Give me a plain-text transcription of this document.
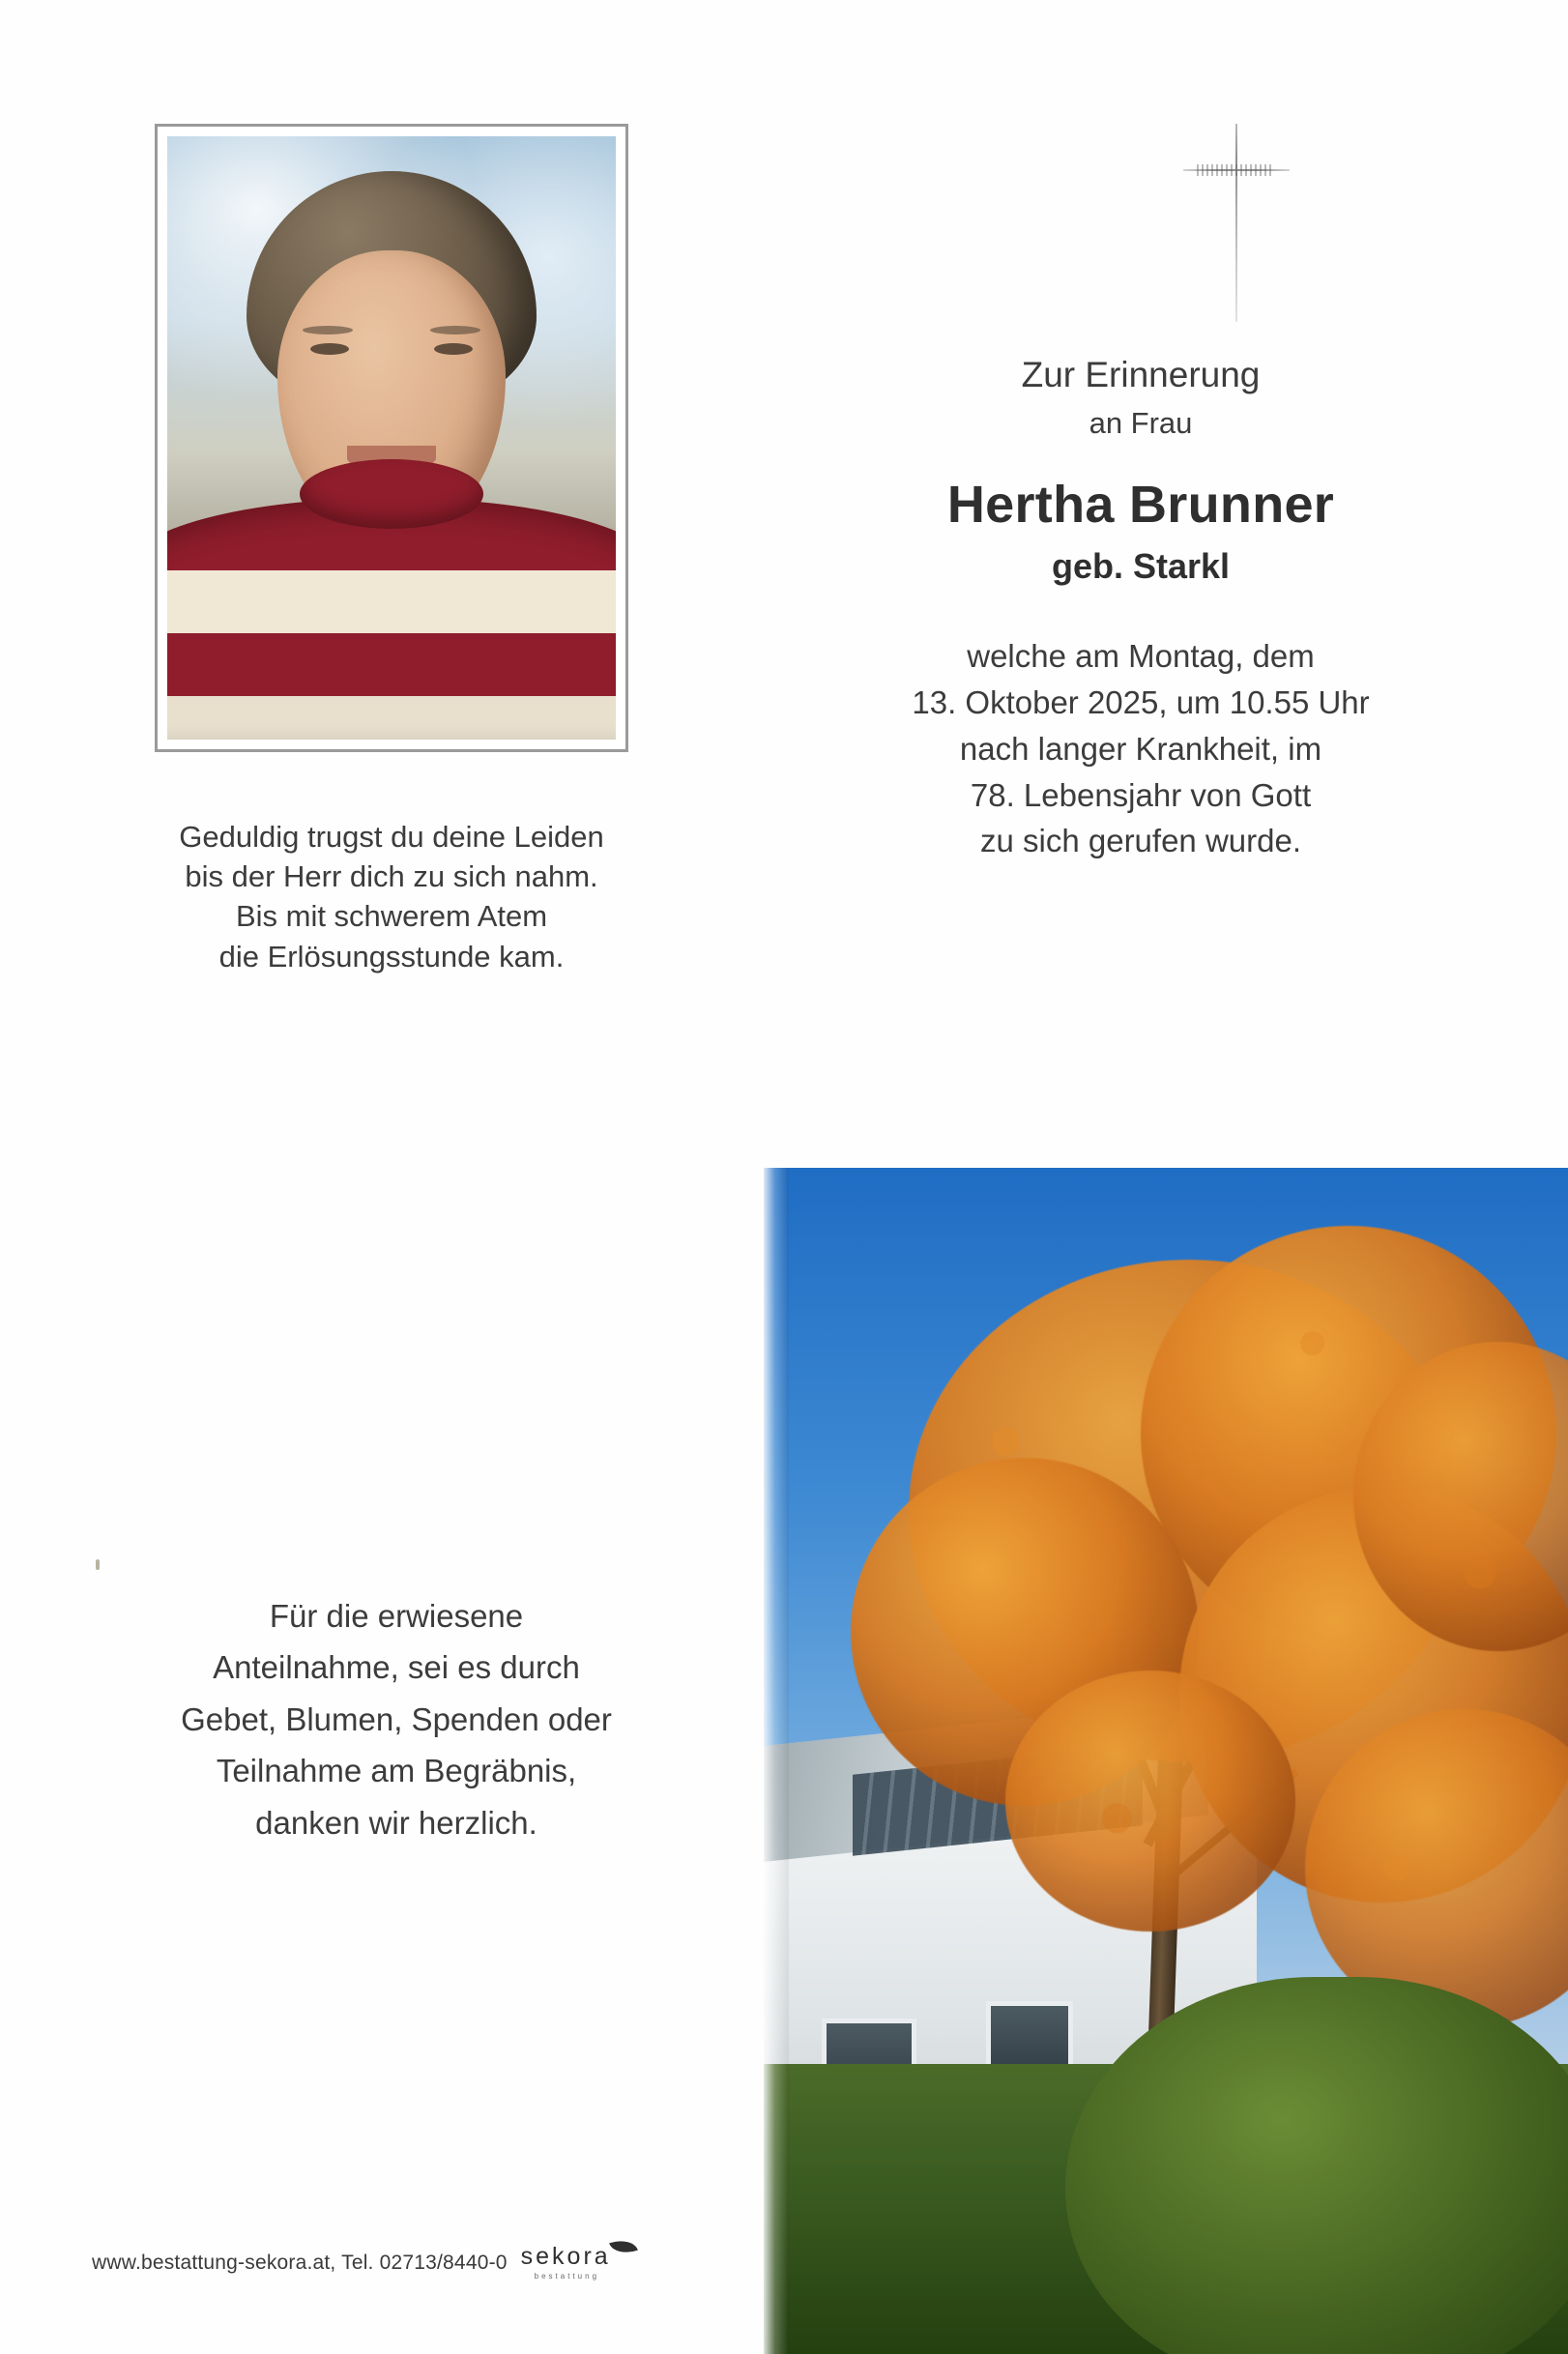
Zur Erinnerung
an Frau
Hertha Brunner
geb. Starkl
welche am Montag, dem
13. Oktober 2025, um 10.55 Uhr
nach langer Krankheit, im
78. Lebensjahr von Gott
zu sich gerufen wurde.
Geduldig trugst du deine Leiden
bis der Herr dich zu sich nahm.
Bis mit schwerem Atem
die Erlösungsstunde kam.
Für die erwiesene
Anteilnahme, sei es durch
Gebet, Blumen, Spenden oder
Teilnahme am Begräbnis,
danken wir herzlich.
www.bestattung-sekora.at, Tel. 02713/8440-0 sekora
bestattung
